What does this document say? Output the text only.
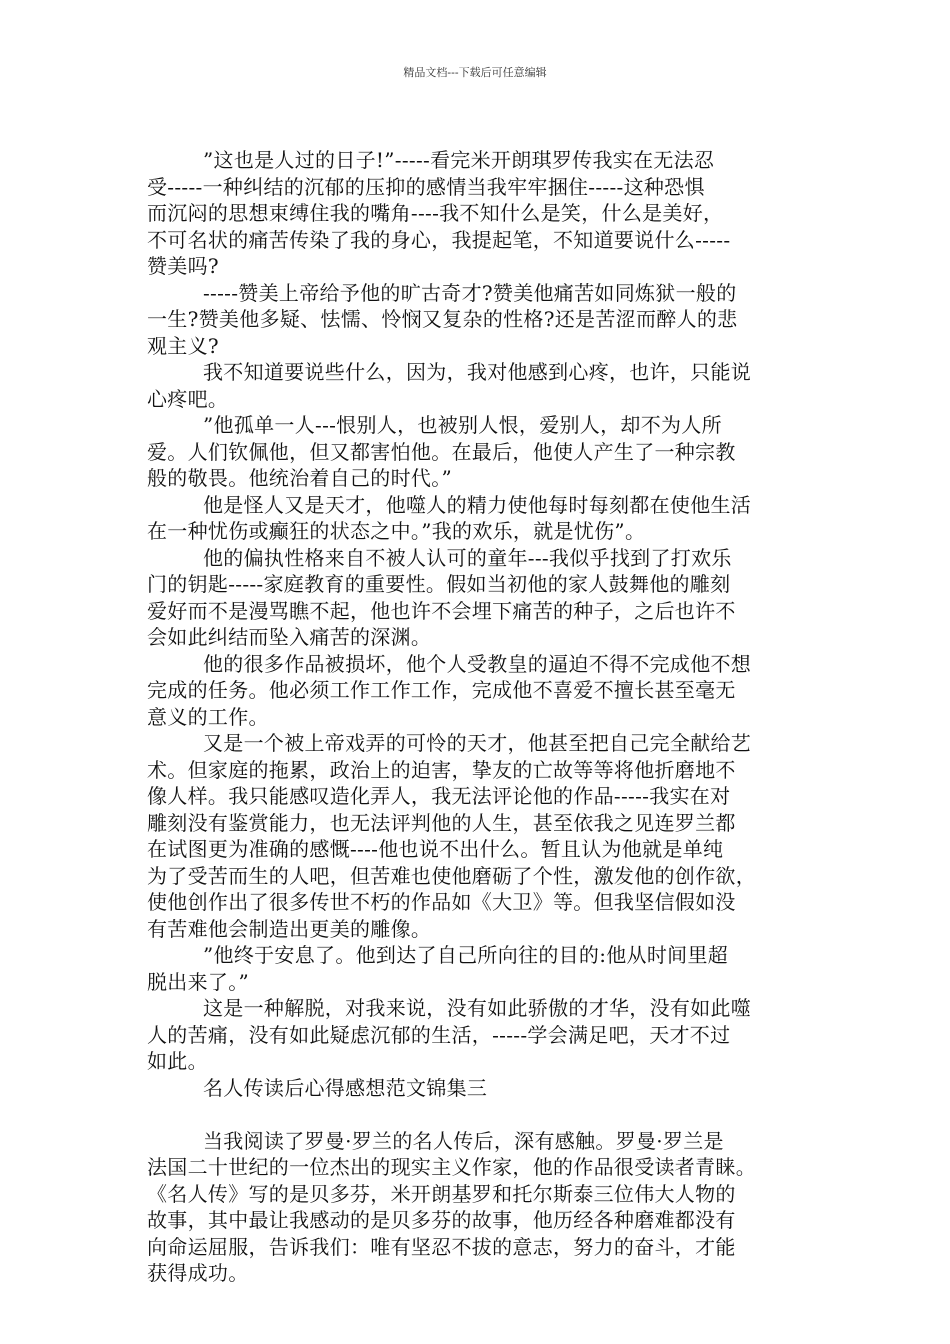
精品文档---下载后可任意编辑
”这也是人过的日子!”-----看完米开朗琪罗传我实在无法忍
受-----一种纠结的沉郁的压抑的感情当我牢牢捆住-----这种恐惧
而沉闷的思想束缚住我的嘴角----我不知什么是笑，什么是美好，
不可名状的痛苦传染了我的身心，我提起笔，不知道要说什么-----
赞美吗?
-----赞美上帝给予他的旷古奇才?赞美他痛苦如同炼狱一般的
一生?赞美他多疑、怯懦、怜悯又复杂的性格?还是苦涩而醉人的悲
观主义?
我不知道要说些什么，因为，我对他感到心疼，也许，只能说
心疼吧。
”他孤单一人---恨别人，也被别人恨，爱别人，却不为人所
爱。人们钦佩他，但又都害怕他。在最后，他使人产生了一种宗教
般的敬畏。他统治着自己的时代。”
他是怪人又是天才，他噬人的精力使他每时每刻都在使他生活
在一种忧伤或癫狂的状态之中。”我的欢乐，就是忧伤”。
他的偏执性格来自不被人认可的童年---我似乎找到了打欢乐
门的钥匙-----家庭教育的重要性。假如当初他的家人鼓舞他的雕刻
爱好而不是漫骂瞧不起，他也许不会埋下痛苦的种子，之后也许不
会如此纠结而坠入痛苦的深渊。
他的很多作品被损坏，他个人受教皇的逼迫不得不完成他不想
完成的任务。他必须工作工作工作，完成他不喜爱不擅长甚至毫无
意义的工作。
又是一个被上帝戏弄的可怜的天才，他甚至把自己完全献给艺
术。但家庭的拖累，政治上的迫害，挚友的亡故等等将他折磨地不
像人样。我只能感叹造化弄人，我无法评论他的作品-----我实在对
雕刻没有鉴赏能力，也无法评判他的人生，甚至依我之见连罗兰都
在试图更为准确的感慨----他也说不出什么。暂且认为他就是单纯
为了受苦而生的人吧，但苦难也使他磨砺了个性，激发他的创作欲，
使他创作出了很多传世不朽的作品如《大卫》等。但我坚信假如没
有苦难他会制造出更美的雕像。
”他终于安息了。他到达了自己所向往的目的:他从时间里超
脱出来了。”
这是一种解脱，对我来说，没有如此骄傲的才华，没有如此噬
人的苦痛，没有如此疑虑沉郁的生活，-----学会满足吧，天才不过
如此。
名人传读后心得感想范文锦集三
当我阅读了罗曼·罗兰的名人传后，深有感触。罗曼·罗兰是
法国二十世纪的一位杰出的现实主义作家，他的作品很受读者青睐。
《名人传》写的是贝多芬，米开朗基罗和托尔斯泰三位伟大人物的
故事，其中最让我感动的是贝多芬的故事，他历经各种磨难都没有
向命运屈服，告诉我们：唯有坚忍不拔的意志，努力的奋斗，才能
获得成功。
